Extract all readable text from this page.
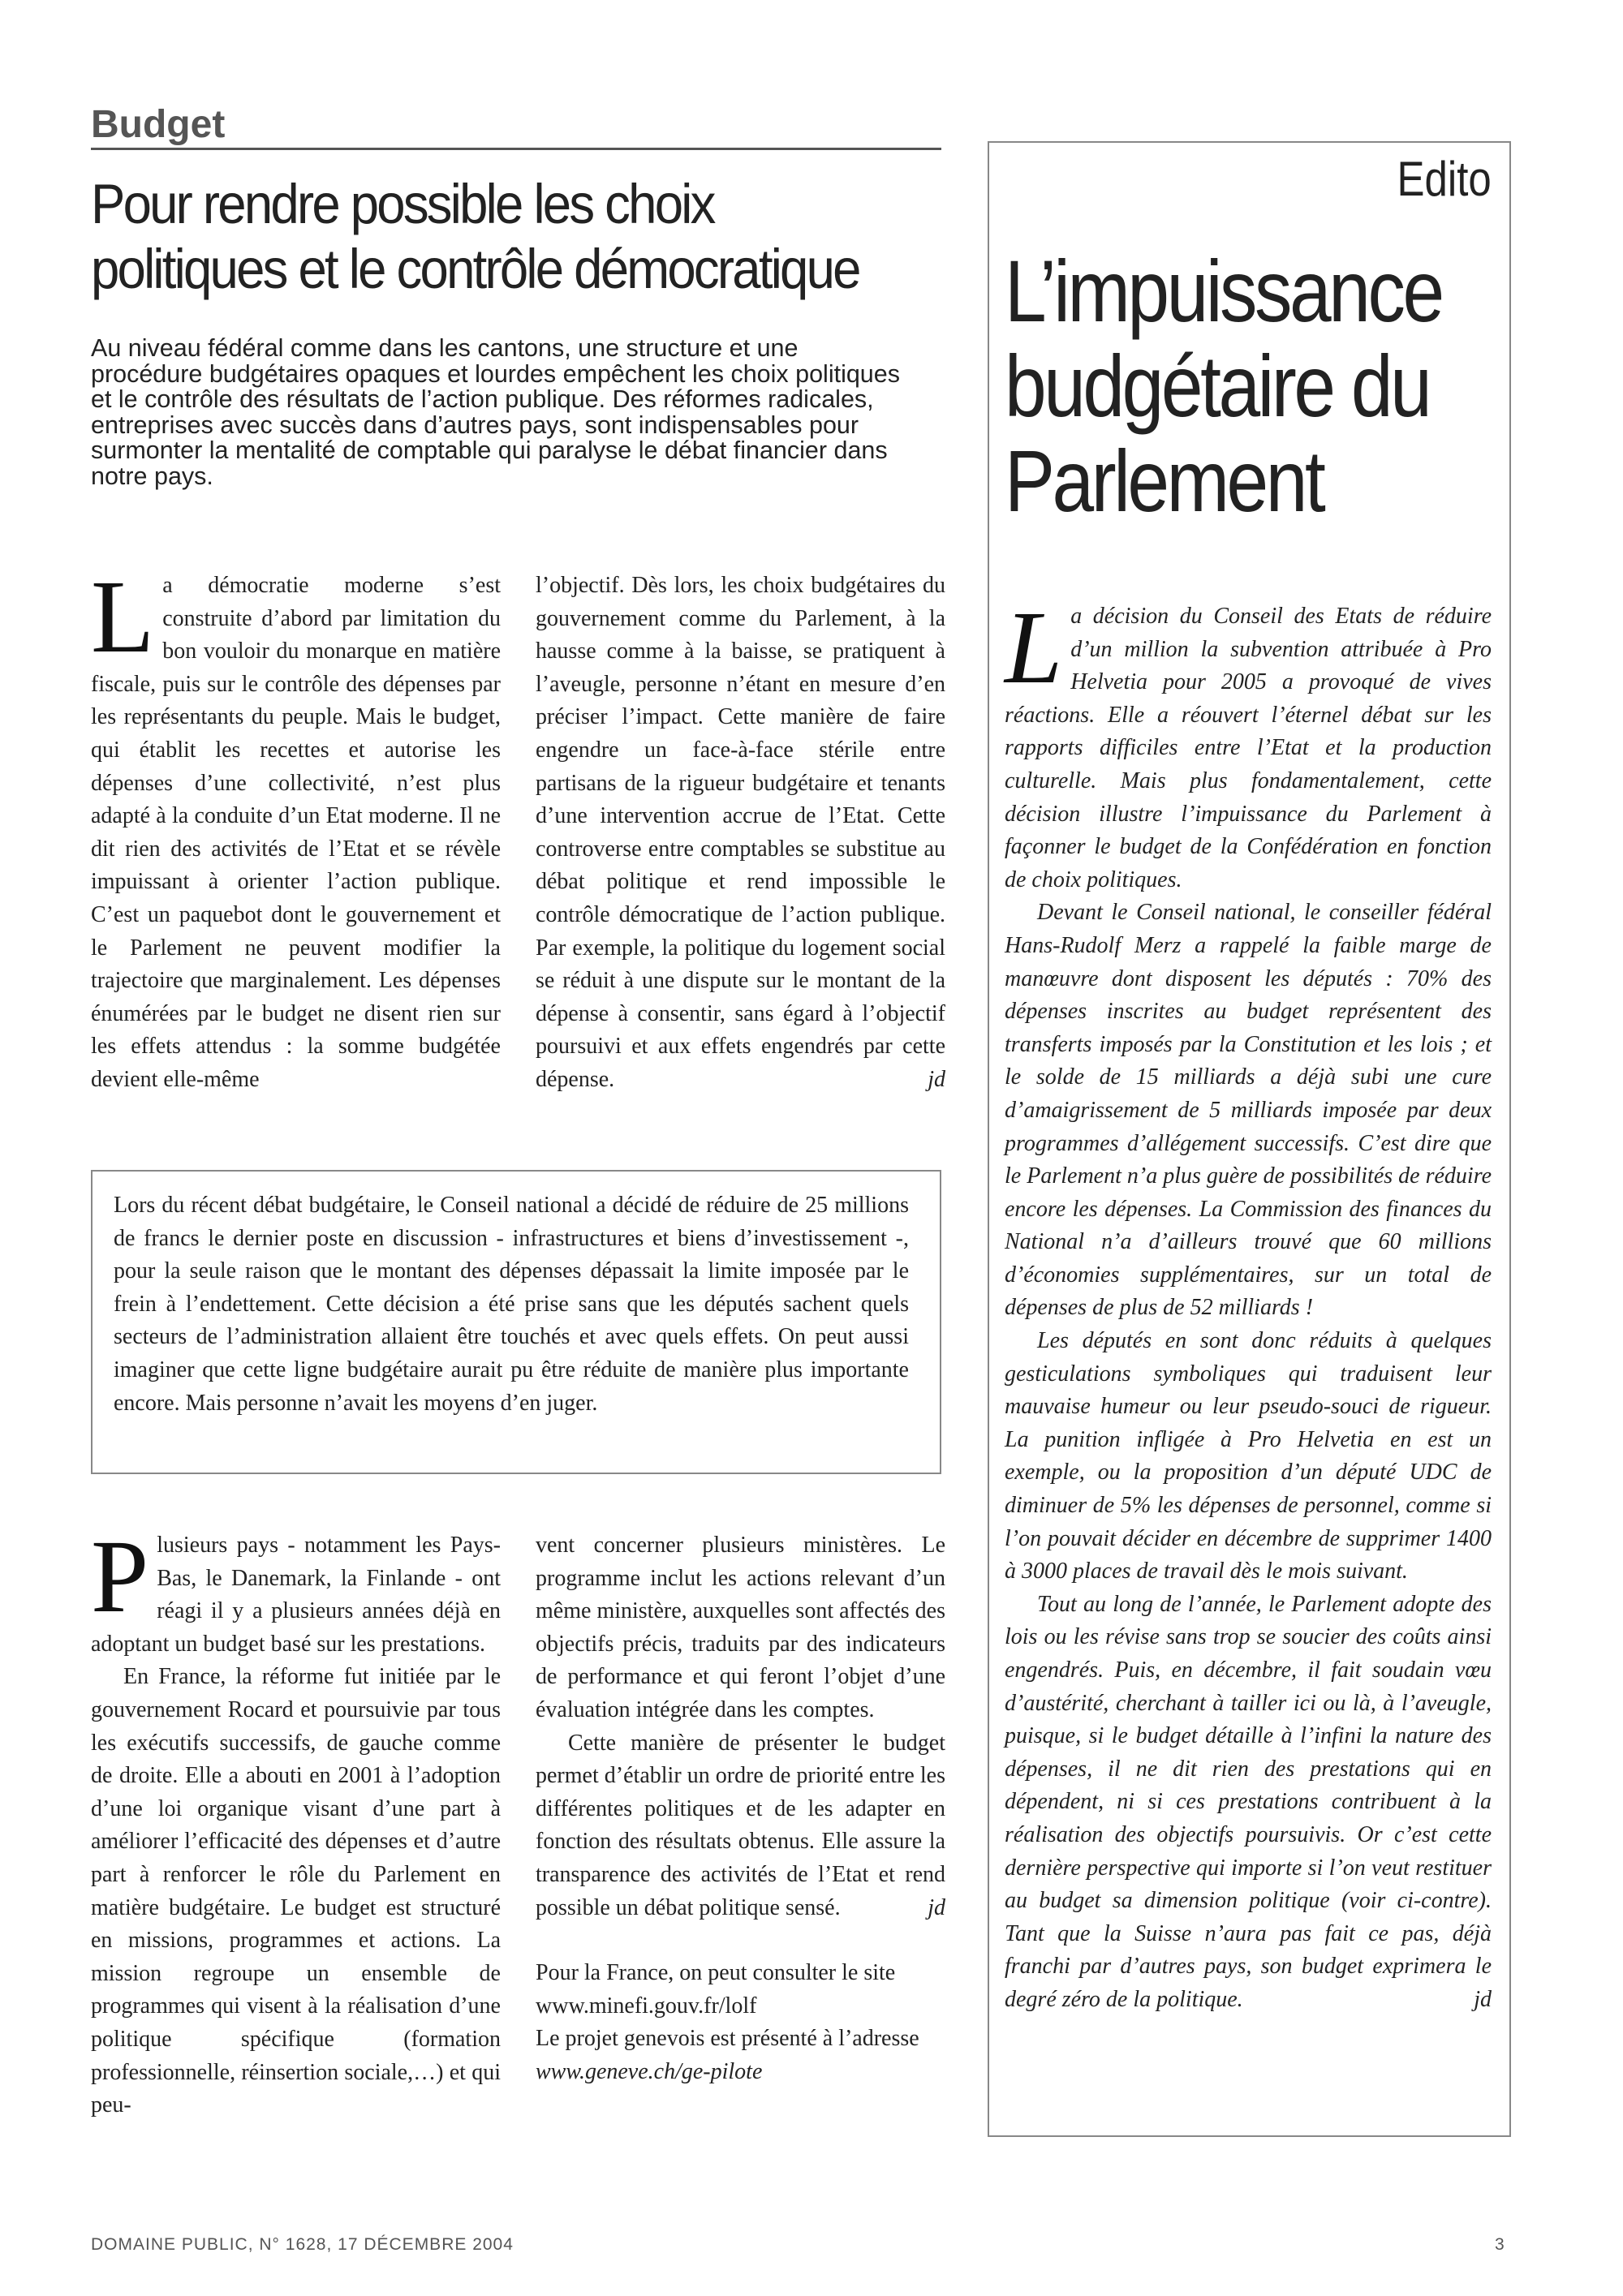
Budget
Pour rendre possible les choix politiques et le contrôle démocratique
Au niveau fédéral comme dans les cantons, une structure et une procédure budgétaires opaques et lourdes empêchent les choix politiques et le contrôle des résultats de l’action publique. Des réformes radicales, entreprises avec succès dans d’autres pays, sont indispensables pour surmonter la mentalité de comptable qui paralyse le débat financier dans notre pays.

La démocratie moderne s’est construite d’abord par limitation du bon vouloir du monarque en matière fiscale, puis sur le contrôle des dépenses par les représentants du peuple. Mais le budget, qui établit les recettes et autorise les dépenses d’une collectivité, n’est plus adapté à la conduite d’un Etat moderne. Il ne dit rien des activités de l’Etat et se révèle impuissant à orienter l’action publique. C’est un paquebot dont le gouvernement et le Parlement ne peuvent modifier la trajectoire que marginalement. Les dépenses énumérées par le budget ne disent rien sur les effets attendus : la somme budgétée devient elle-même

l’objectif. Dès lors, les choix budgétaires du gouvernement comme du Parlement, à la hausse comme à la baisse, se pratiquent à l’aveugle, personne n’étant en mesure d’en préciser l’impact. Cette manière de faire engendre un face-à-face stérile entre partisans de la rigueur budgétaire et tenants d’une intervention accrue de l’Etat. Cette controverse entre comptables se substitue au débat politique et rend impossible le contrôle démocratique de l’action publique. Par exemple, la politique du logement social se réduit à une dispute sur le montant de la dépense à consentir, sans égard à l’objectif poursuivi et aux effets engendrés par cette dépense.	jd

Lors du récent débat budgétaire, le Conseil national a décidé de réduire de 25 millions de francs le dernier poste en discussion - infrastructures et biens d’investissement -, pour la seule raison que le montant des dépenses dépassait la limite imposée par le frein à l’endettement. Cette décision a été prise sans que les députés sachent quels secteurs de l’administration allaient être touchés et avec quels effets. On peut aussi imaginer que cette ligne budgétaire aurait pu être réduite de manière plus importante encore. Mais personne n’avait les moyens d’en juger.

Plusieurs pays - notamment les Pays-Bas, le Danemark, la Finlande - ont réagi il y a plusieurs années déjà en adoptant un budget basé sur les prestations.

En France, la réforme fut initiée par le gouvernement Rocard et poursuivie par tous les exécutifs successifs, de gauche comme de droite. Elle a abouti en 2001 à l’adoption d’une loi organique visant d’une part à améliorer l’efficacité des dépenses et d’autre part à renforcer le rôle du Parlement en matière budgétaire. Le budget est structuré en missions, programmes et actions. La mission regroupe un ensemble de programmes qui visent à la réalisation d’une politique spécifique (formation professionnelle, réinsertion sociale,…) et qui peu-

vent concerner plusieurs ministères. Le programme inclut les actions relevant d’un même ministère, auxquelles sont affectés des objectifs précis, traduits par des indicateurs de performance et qui feront l’objet d’une évaluation intégrée dans les comptes.

Cette manière de présenter le budget permet d’établir un ordre de priorité entre les différentes politiques et de les adapter en fonction des résultats obtenus. Elle assure la transparence des activités de l’Etat et rend possible un débat politique sensé.	jd

Pour la France, on peut consulter le site www.minefi.gouv.fr/lolf

Le projet genevois est présenté à l’adresse www.geneve.ch/ge-pilote

Edito
L’impuissance budgétaire du Parlement

La décision du Conseil des Etats de réduire d’un million la subvention attribuée à Pro Helvetia pour 2005 a provoqué de vives réactions. Elle a réouvert l’éternel débat sur les rapports difficiles entre l’Etat et la production culturelle. Mais plus fondamentalement, cette décision illustre l’impuissance du Parlement à façonner le budget de la Confédération en fonction de choix politiques.

Devant le Conseil national, le conseiller fédéral Hans-Rudolf Merz a rappelé la faible marge de manœuvre dont disposent les députés : 70% des dépenses inscrites au budget représentent des transferts imposés par la Constitution et les lois ; et le solde de 15 milliards a déjà subi une cure d’amaigrissement de 5 milliards imposée par deux programmes d’allégement successifs. C’est dire que le Parlement n’a plus guère de possibilités de réduire encore les dépenses. La Commission des finances du National n’a d’ailleurs trouvé que 60 millions d’économies supplémentaires, sur un total de dépenses de plus de 52 milliards !

Les députés en sont donc réduits à quelques gesticulations symboliques qui traduisent leur mauvaise humeur ou leur pseudo-souci de rigueur. La punition infligée à Pro Helvetia en est un exemple, ou la proposition d’un député UDC de diminuer de 5% les dépenses de personnel, comme si l’on pouvait décider en décembre de supprimer 1400 à 3000 places de travail dès le mois suivant.

Tout au long de l’année, le Parlement adopte des lois ou les révise sans trop se soucier des coûts ainsi engendrés. Puis, en décembre, il fait soudain vœu d’austérité, cherchant à tailler ici ou là, à l’aveugle, puisque, si le budget détaille à l’infini la nature des dépenses, il ne dit rien des prestations qui en dépendent, ni si ces prestations contribuent à la réalisation des objectifs poursuivis. Or c’est cette dernière perspective qui importe si l’on veut restituer au budget sa dimension politique (voir ci-contre). Tant que la Suisse n’aura pas fait ce pas, déjà franchi par d’autres pays, son budget exprimera le degré zéro de la politique.	jd

DOMAINE PUBLIC, N° 1628, 17 DÉCEMBRE 2004	3
